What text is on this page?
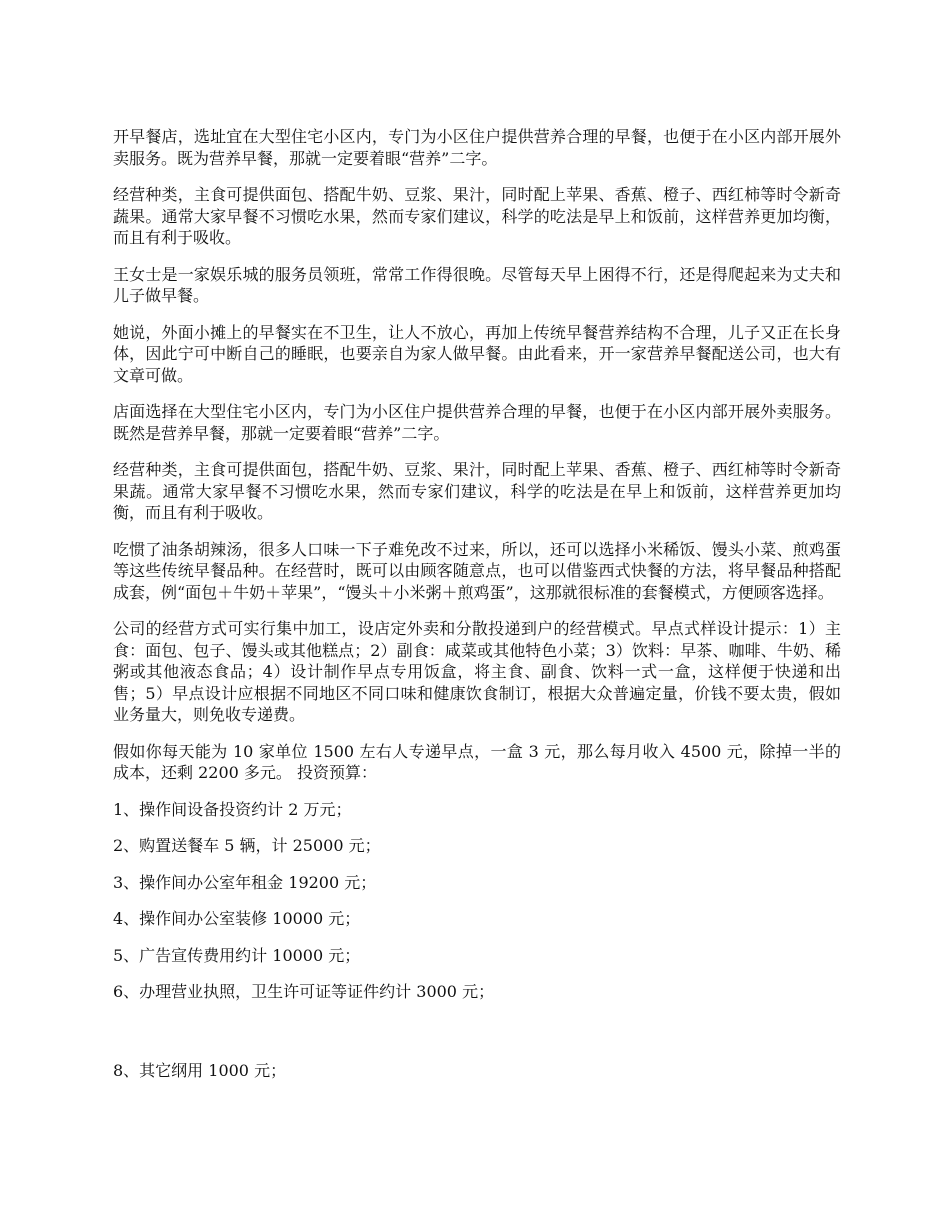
开早餐店，选址宜在大型住宅小区内，专门为小区住户提供营养合理的早餐，也便于在小区内部开展外卖服务。既为营养早餐，那就一定要着眼“营养”二字。

经营种类，主食可提供面包、搭配牛奶、豆浆、果汁，同时配上苹果、香蕉、橙子、西红柿等时令新奇蔬果。通常大家早餐不习惯吃水果，然而专家们建议，科学的吃法是早上和饭前，这样营养更加均衡，而且有利于吸收。

王女士是一家娱乐城的服务员领班，常常工作得很晚。尽管每天早上困得不行，还是得爬起来为丈夫和儿子做早餐。

她说，外面小摊上的早餐实在不卫生，让人不放心，再加上传统早餐营养结构不合理，儿子又正在长身体，因此宁可中断自己的睡眠，也要亲自为家人做早餐。由此看来，开一家营养早餐配送公司，也大有文章可做。

店面选择在大型住宅小区内，专门为小区住户提供营养合理的早餐，也便于在小区内部开展外卖服务。既然是营养早餐，那就一定要着眼“营养”二字。

经营种类，主食可提供面包，搭配牛奶、豆浆、果汁，同时配上苹果、香蕉、橙子、西红柿等时令新奇果蔬。通常大家早餐不习惯吃水果，然而专家们建议，科学的吃法是在早上和饭前，这样营养更加均衡，而且有利于吸收。

吃惯了油条胡辣汤，很多人口味一下子难免改不过来，所以，还可以选择小米稀饭、馒头小菜、煎鸡蛋等这些传统早餐品种。在经营时，既可以由顾客随意点，也可以借鉴西式快餐的方法，将早餐品种搭配成套，例“面包＋牛奶＋苹果”，“馒头＋小米粥＋煎鸡蛋”，这那就很标准的套餐模式，方便顾客选择。

公司的经营方式可实行集中加工，设店定外卖和分散投递到户的经营模式。早点式样设计提示：1）主食：面包、包子、馒头或其他糕点；2）副食：咸菜或其他特色小菜；3）饮料：早茶、咖啡、牛奶、稀粥或其他液态食品；4）设计制作早点专用饭盒，将主食、副食、饮料一式一盒，这样便于快递和出售；5）早点设计应根据不同地区不同口味和健康饮食制订，根据大众普遍定量，价钱不要太贵，假如业务量大，则免收专递费。

假如你每天能为 10 家单位 1500 左右人专递早点，一盒 3 元，那么每月收入 4500 元，除掉一半的成本，还剩 2200 多元。 投资预算：

1、操作间设备投资约计 2 万元；

2、购置送餐车 5 辆，计 25000 元；

3、操作间办公室年租金 19200 元；

4、操作间办公室装修 10000 元；

5、广告宣传费用约计 10000 元；

6、办理营业执照，卫生许可证等证件约计 3000 元；

8、其它纲用 1000 元；
